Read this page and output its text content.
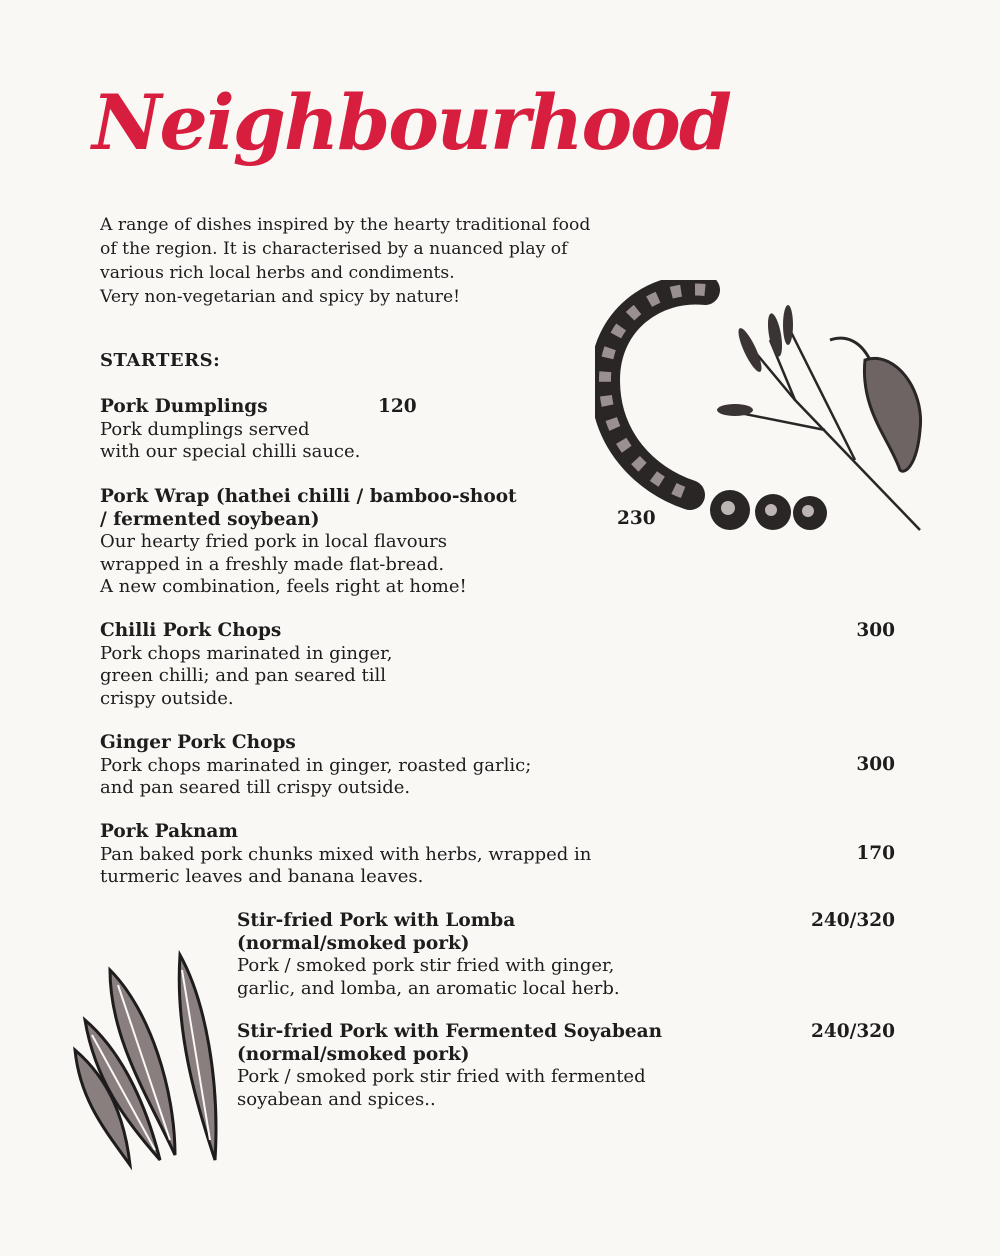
Neighbourhood
A range of dishes inspired by the hearty traditional food
of the region. It is characterised by a nuanced play of
various rich local herbs and condiments.
Very non-vegetarian and spicy by nature!
STARTERS:
Pork Dumplings
Pork dumplings served
with our special chilli sauce.
120
Pork Wrap (hathei chilli / bamboo-shoot
/ fermented soybean)
Our hearty fried pork in local flavours
wrapped in a freshly made flat-bread.
A new combination, feels right at home!
230
Chilli Pork Chops
Pork chops marinated in ginger,
green chilli; and pan seared till
crispy outside.
300
Ginger Pork Chops
Pork chops marinated in ginger, roasted garlic;
and pan seared till crispy outside.
300
Pork Paknam
Pan baked pork chunks mixed with herbs, wrapped in
turmeric leaves and banana leaves.
170
Stir-fried Pork with Lomba
(normal/smoked pork)
Pork / smoked pork stir fried with ginger,
garlic, and lomba, an aromatic local herb.
240/320
Stir-fried Pork with Fermented Soyabean
(normal/smoked pork)
Pork / smoked pork stir fried with fermented
soyabean and spices..
240/320
